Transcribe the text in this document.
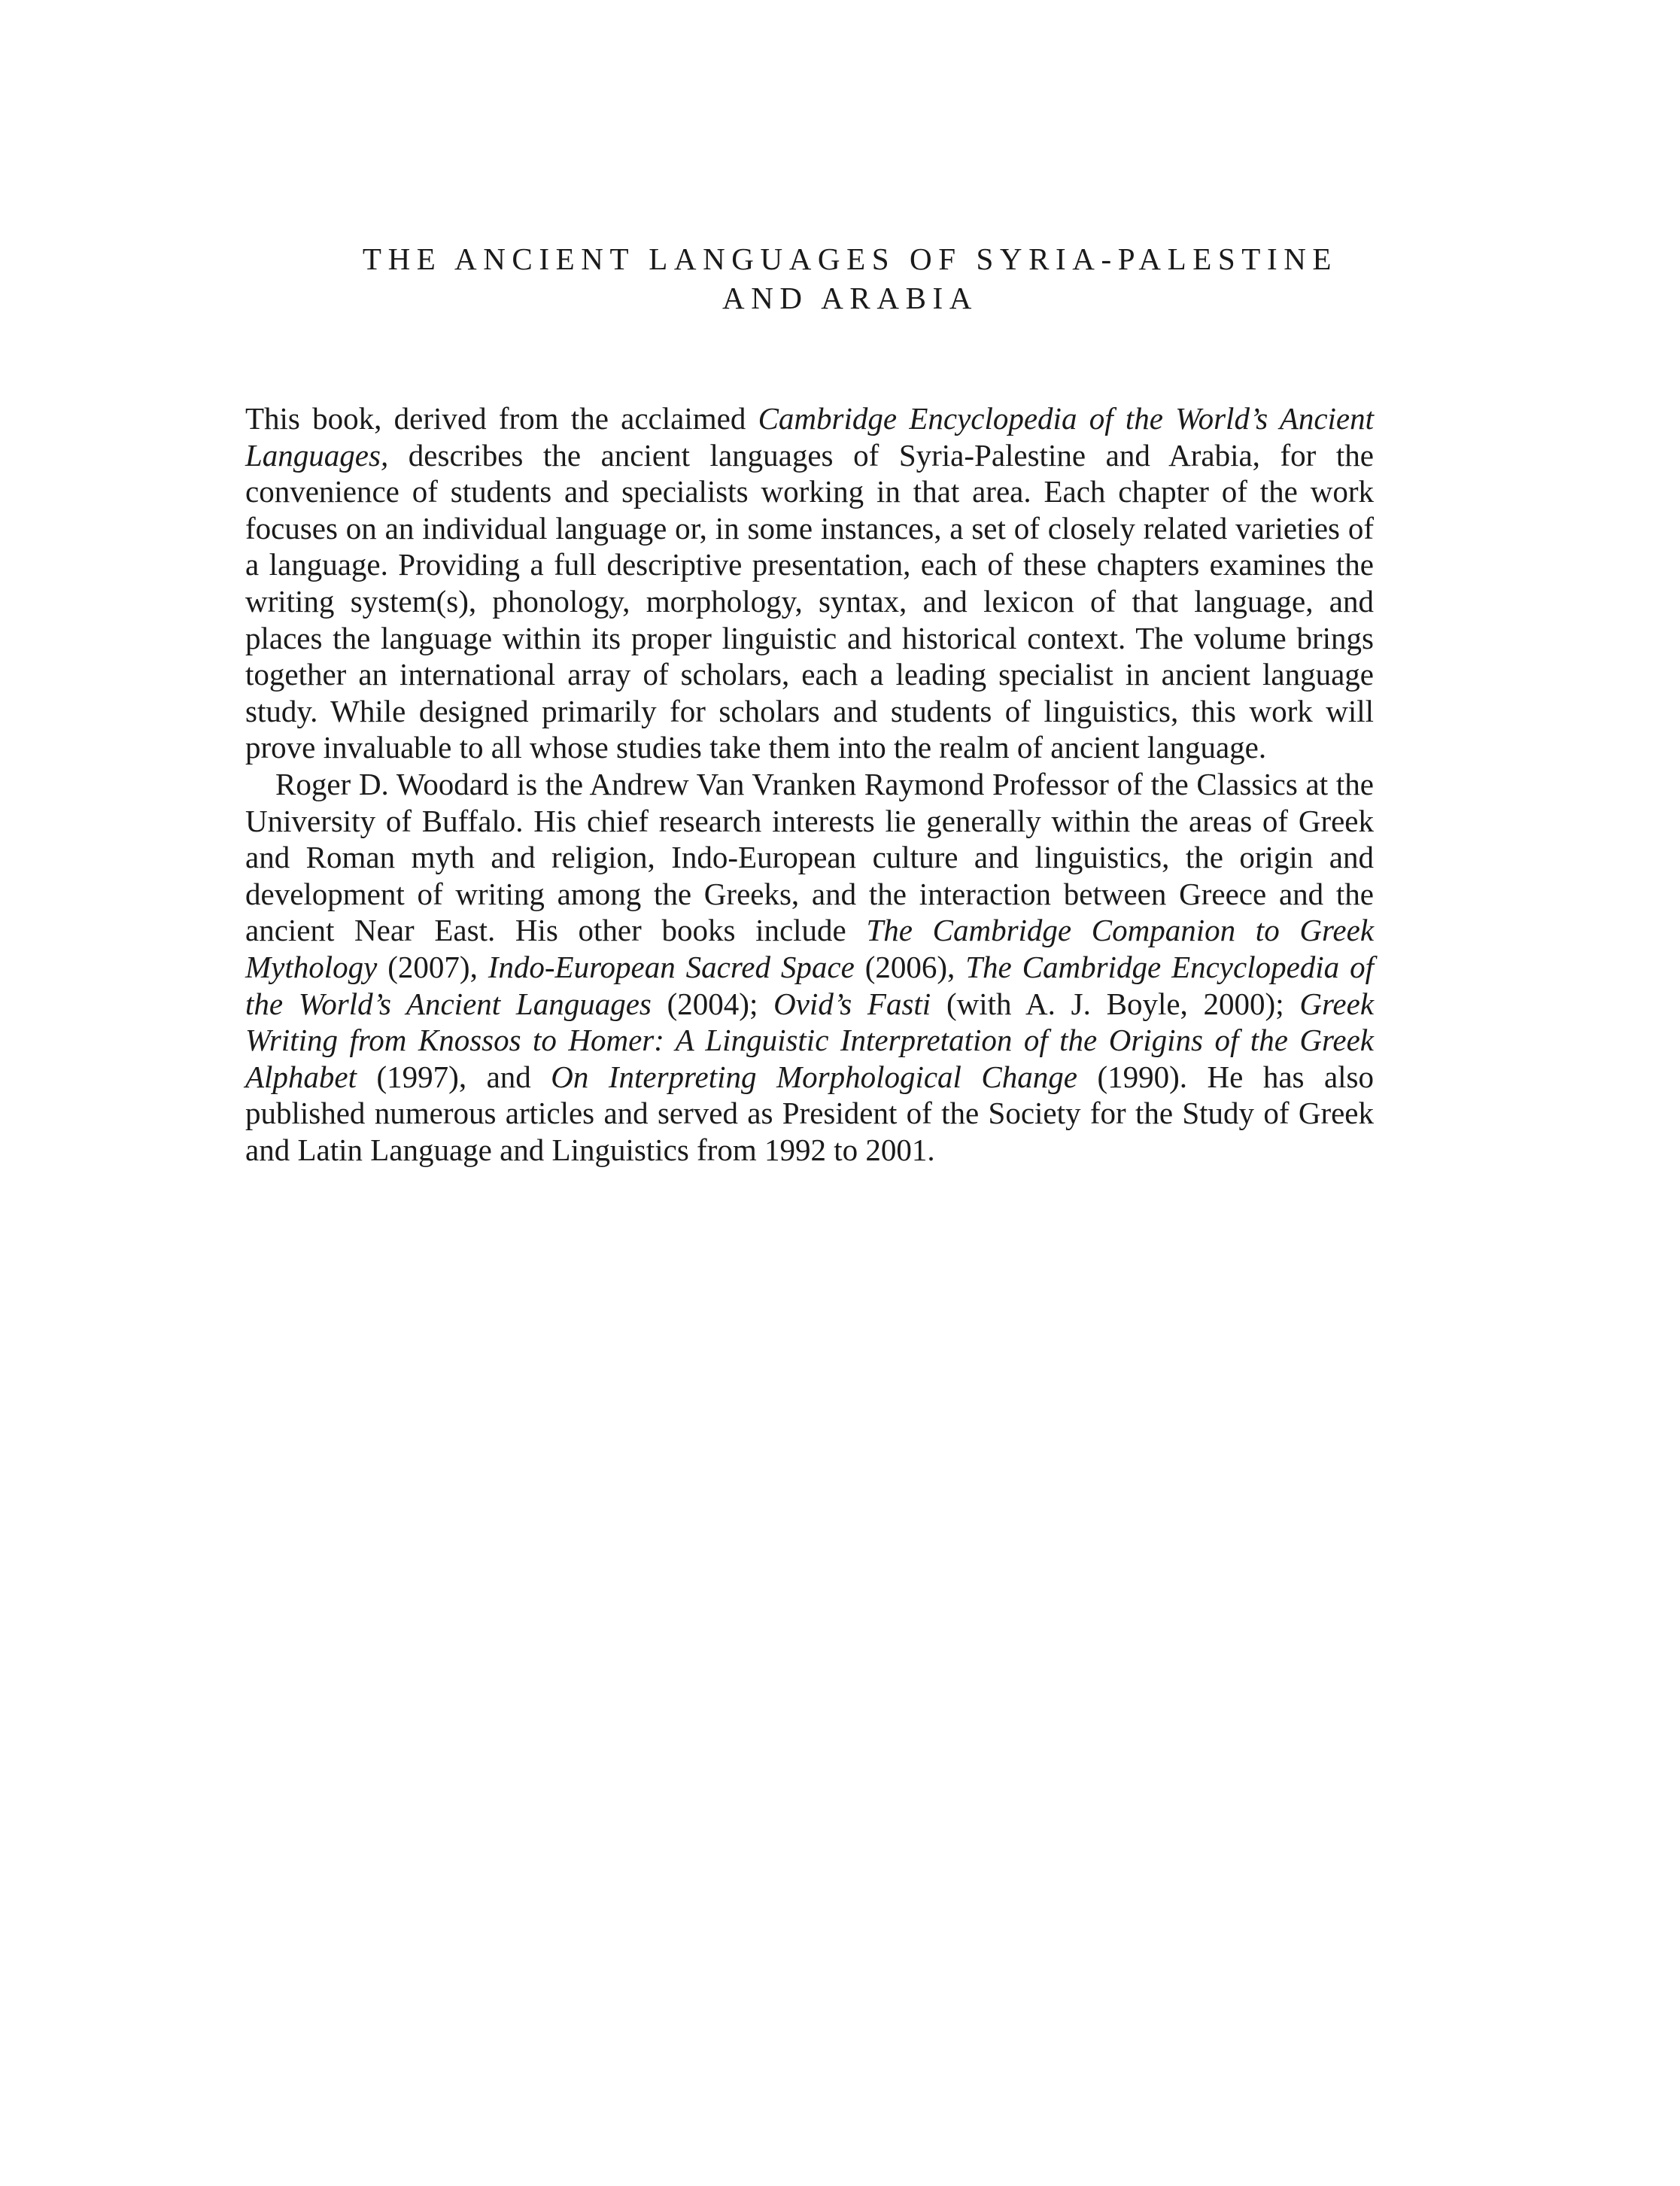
THE ANCIENT LANGUAGES OF SYRIA-PALESTINE
AND ARABIA

This book, derived from the acclaimed Cambridge Encyclopedia of the World’s Ancient Languages, describes the ancient languages of Syria-Palestine and Arabia, for the convenience of students and specialists working in that area. Each chapter of the work focuses on an individual language or, in some instances, a set of closely related varieties of a language. Providing a full descriptive presentation, each of these chapters examines the writing system(s), phonology, morphology, syntax, and lexicon of that language, and places the language within its proper linguistic and historical context. The volume brings together an international array of scholars, each a leading specialist in ancient language study. While designed primarily for scholars and students of linguistics, this work will prove invaluable to all whose studies take them into the realm of ancient language.

Roger D. Woodard is the Andrew Van Vranken Raymond Professor of the Classics at the University of Buffalo. His chief research interests lie generally within the areas of Greek and Roman myth and religion, Indo-European culture and linguistics, the origin and development of writing among the Greeks, and the interaction between Greece and the ancient Near East. His other books include The Cambridge Companion to Greek Mythology (2007), Indo-European Sacred Space (2006), The Cambridge Encyclopedia of the World’s Ancient Languages (2004); Ovid’s Fasti (with A. J. Boyle, 2000); Greek Writing from Knossos to Homer: A Linguistic Interpretation of the Origins of the Greek Alphabet (1997), and On Interpreting Morphological Change (1990). He has also published numerous articles and served as President of the Society for the Study of Greek and Latin Language and Linguistics from 1992 to 2001.
